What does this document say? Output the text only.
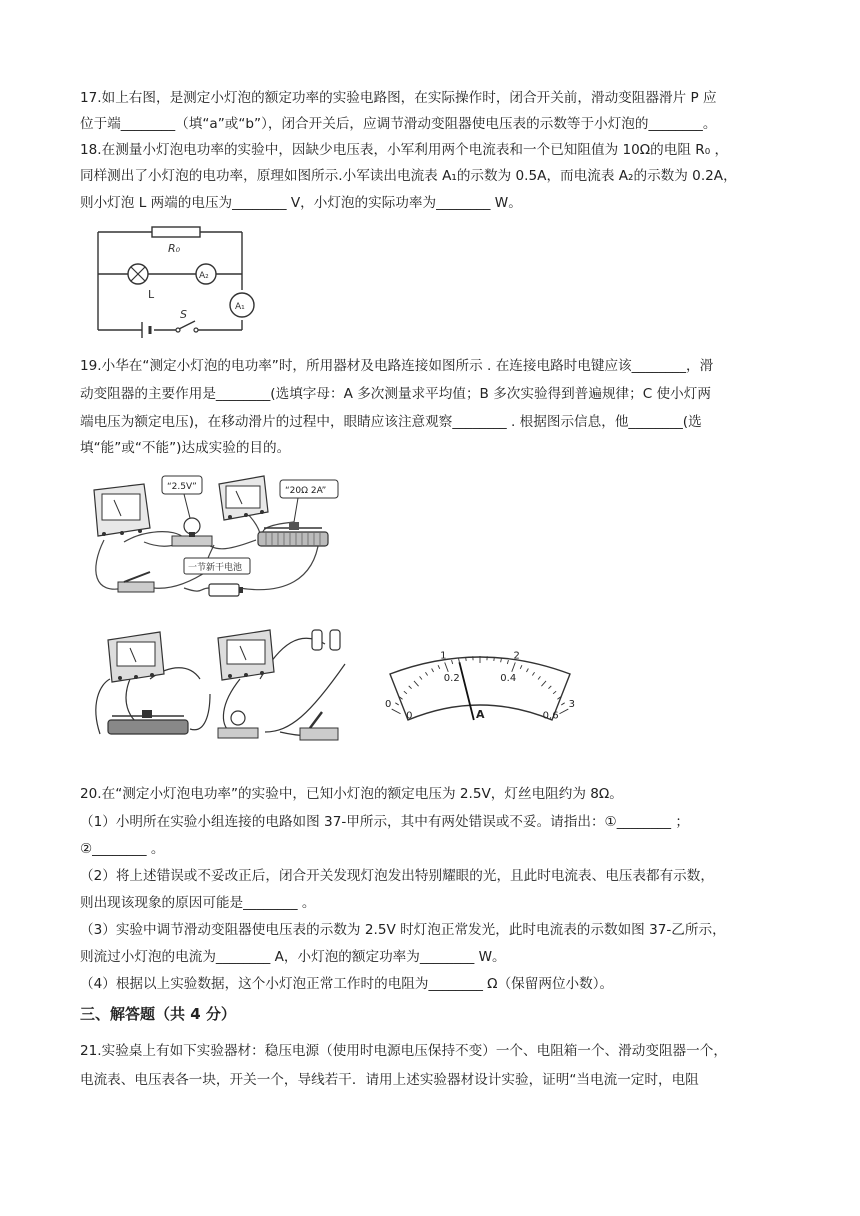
17.如上右图，是测定小灯泡的额定功率的实验电路图，在实际操作时，闭合开关前，滑动变阻器滑片 P 应

位于端________（填“a”或“b”），闭合开关后，应调节滑动变阻器使电压表的示数等于小灯泡的________。

18.在测量小灯泡电功率的实验中，因缺少电压表，小军利用两个电流表和一个已知阻值为 10Ω的电阻 R₀ ，

同样测出了小灯泡的电功率，原理如图所示.小军读出电流表 A₁的示数为 0.5A，而电流表 A₂的示数为 0.2A，

则小灯泡 L 两端的电压为________ V，小灯泡的实际功率为________ W。

R₀
L
A₂
A₁
S

19.小华在“测定小灯泡的电功率”时，所用器材及电路连接如图所示 . 在连接电路时电键应该________，滑

动变阻器的主要作用是________(选填字母：A 多次测量求平均值；B 多次实验得到普遍规律；C 使小灯两

端电压为额定电压)，在移动滑片的过程中，眼睛应该注意观察________ . 根据图示信息，他________(选

填“能”或“不能”)达成实验的目的。

“2.5V”	“20Ω 2A”
一节新干电池
0
1	2
3
0
0.2	0.4
0.6
A

20.在“测定小灯泡电功率”的实验中，已知小灯泡的额定电压为 2.5V，灯丝电阻约为 8Ω。

（1）小明所在实验小组连接的电路如图 37-甲所示，其中有两处错误或不妥。请指出：①________ ；

②________ 。

（2）将上述错误或不妥改正后，闭合开关发现灯泡发出特别耀眼的光，且此时电流表、电压表都有示数，

则出现该现象的原因可能是________ 。

（3）实验中调节滑动变阻器使电压表的示数为 2.5V 时灯泡正常发光，此时电流表的示数如图 37-乙所示，

则流过小灯泡的电流为________ A，小灯泡的额定功率为________ W。

（4）根据以上实验数据，这个小灯泡正常工作时的电阻为________ Ω（保留两位小数）。

三、解答题（共 4 分）

21.实验桌上有如下实验器材：稳压电源（使用时电源电压保持不变）一个、电阻箱一个、滑动变阻器一个，

电流表、电压表各一块，开关一个，导线若干．请用上述实验器材设计实验，证明“当电流一定时，电阻
